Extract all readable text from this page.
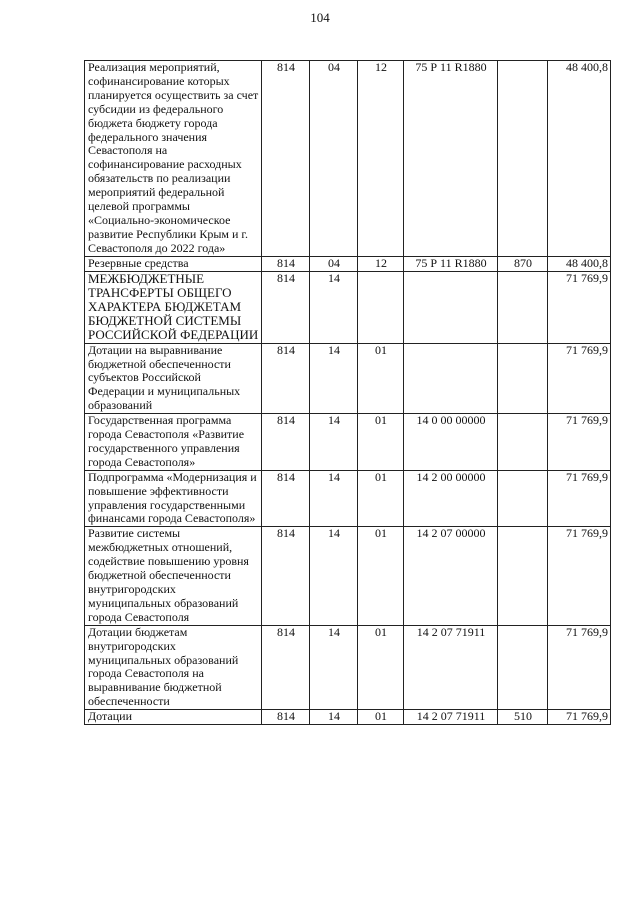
104
Реализация мероприятий, софинансирование которых планируется осуществить за счет субсидии из федерального бюджета бюджету города федерального значения Севастополя на софинансирование расходных обязательств по реализации мероприятий федеральной целевой программы «Социально-экономическое развитие Республики Крым и г. Севастополя до 2022 года»	814	04	12	75 Р 11 R1880		48 400,8
Резервные средства	814	04	12	75 Р 11 R1880	870	48 400,8
МЕЖБЮДЖЕТНЫЕ ТРАНСФЕРТЫ ОБЩЕГО ХАРАКТЕРА БЮДЖЕТАМ БЮДЖЕТНОЙ СИСТЕМЫ РОССИЙСКОЙ ФЕДЕРАЦИИ	814	14				71 769,9
Дотации на выравнивание бюджетной обеспеченности субъектов Российской Федерации и муниципальных образований	814	14	01			71 769,9
Государственная программа города Севастополя «Развитие государственного управления города Севастополя»	814	14	01	14 0 00 00000		71 769,9
Подпрограмма «Модернизация и повышение эффективности управления государственными финансами города Севастополя»	814	14	01	14 2 00 00000		71 769,9
Развитие системы межбюджетных отношений, содействие повышению уровня бюджетной обеспеченности внутригородских муниципальных образований города Севастополя	814	14	01	14 2 07 00000		71 769,9
Дотации бюджетам внутригородских муниципальных образований города Севастополя на выравнивание бюджетной обеспеченности	814	14	01	14 2 07 71911		71 769,9
Дотации	814	14	01	14 2 07 71911	510	71 769,9
